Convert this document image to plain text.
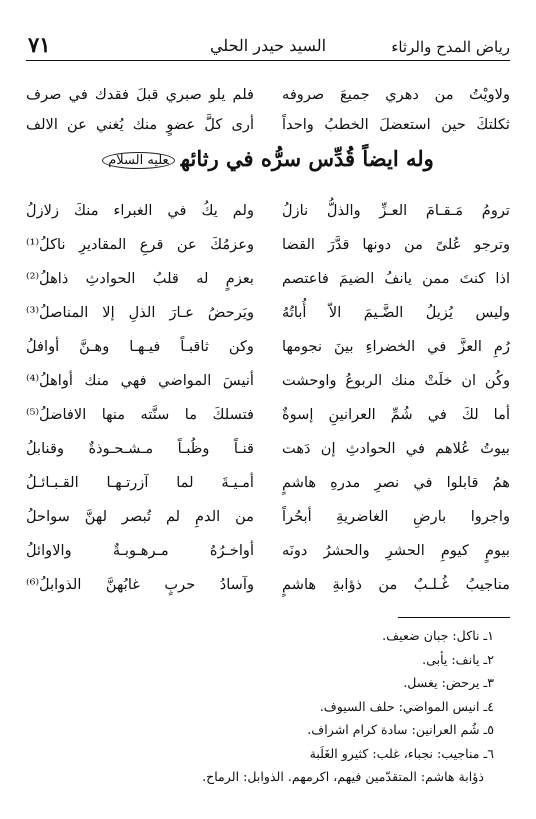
رياض المدح والرثاء
السيد حيدر الحلي
٧١
ولاويْتُ من دهري جميعَ صروفه
فلم يلو صبري قبلَ فقدك في صرف
ثكلتكَ حين استعضلَ الخطبُ واحداً
أرى كلَّ عضوٍ منك يُغني عن الالف
وله ايضاً قُدِّس سرُّه في رثائهعليه السلام
ترومُ مَـقـامَ العـزِّ والذلُّ نازلُ
ولم يكُ في الغبراء منكَ زلازلُ
وترجو عُلىً من دونها قدَّرَ القضا
وعزمُكَ عن قرعِ المقاديرِ ناكلُ⁽¹⁾
اذا كنتَ ممن يانفُ الضيمَ فاعتصم
بعزمٍ له قلبُ الحوادثِ ذاهلُ⁽²⁾
وليس يُزيلُ الضَّـيمَ الاّ أُباتُهُ
ويَرحضُ عـارَ الذلِ إلا المناصلُ⁽³⁾
رُمِ العزَّ في الخضراءِ بينَ نجومها
وكن ثاقبـاً فيـهـا وهـنَّ أوافلُ
وكُن ان خلَتْ منك الربوعُ واوحشت
أنيسَ المواضي فهي منك أواهلُ⁽⁴⁾
أما لكَ في شُمِّ العرانينِ إسوةٌ
فتسلكَ ما سنَّته منها الافاضلُ⁽⁵⁾
بيوتُ عُلاهم في الحوادثِ إن دَهت
قنـاً وظُبـاً مـشـحـوذةٌ وقنابلُ
همُ قابلوا في نصرِ مدرهِ هاشمٍ
أمـيـةَ لما آزرتـهـا القـبـائـلُ
واجروا بارضِ الغاضريةِ أبحُراً
من الدمِ لم تُبصر لهنَّ سواحلُ
بيومٍ كيومِ الحشرِ والحشرُ دونَه
أواخـرُهُ مـرهـوبـةٌ والاوائلُ
مناجيبُ غُـلـبٌ من ذؤابةِ هاشمٍ
وآسادُ حربٍ غابُهنَّ الذوابلُ⁽⁶⁾
١ـ ناكل: جبان ضعيف.
٢ـ يانف: يأبى.
٣ـ يرحض: يغسل.
٤ـ انيس المواضي: حلف السيوف.
٥ـ شُم العرانين: سادة كرام اشراف.
٦ـ مناجيب: نجباء، غلب: كثيرو الغَلَبة
ذؤابة هاشم: المتقدّمين فيهم، اكرمهم. الذوابل: الرماح.
